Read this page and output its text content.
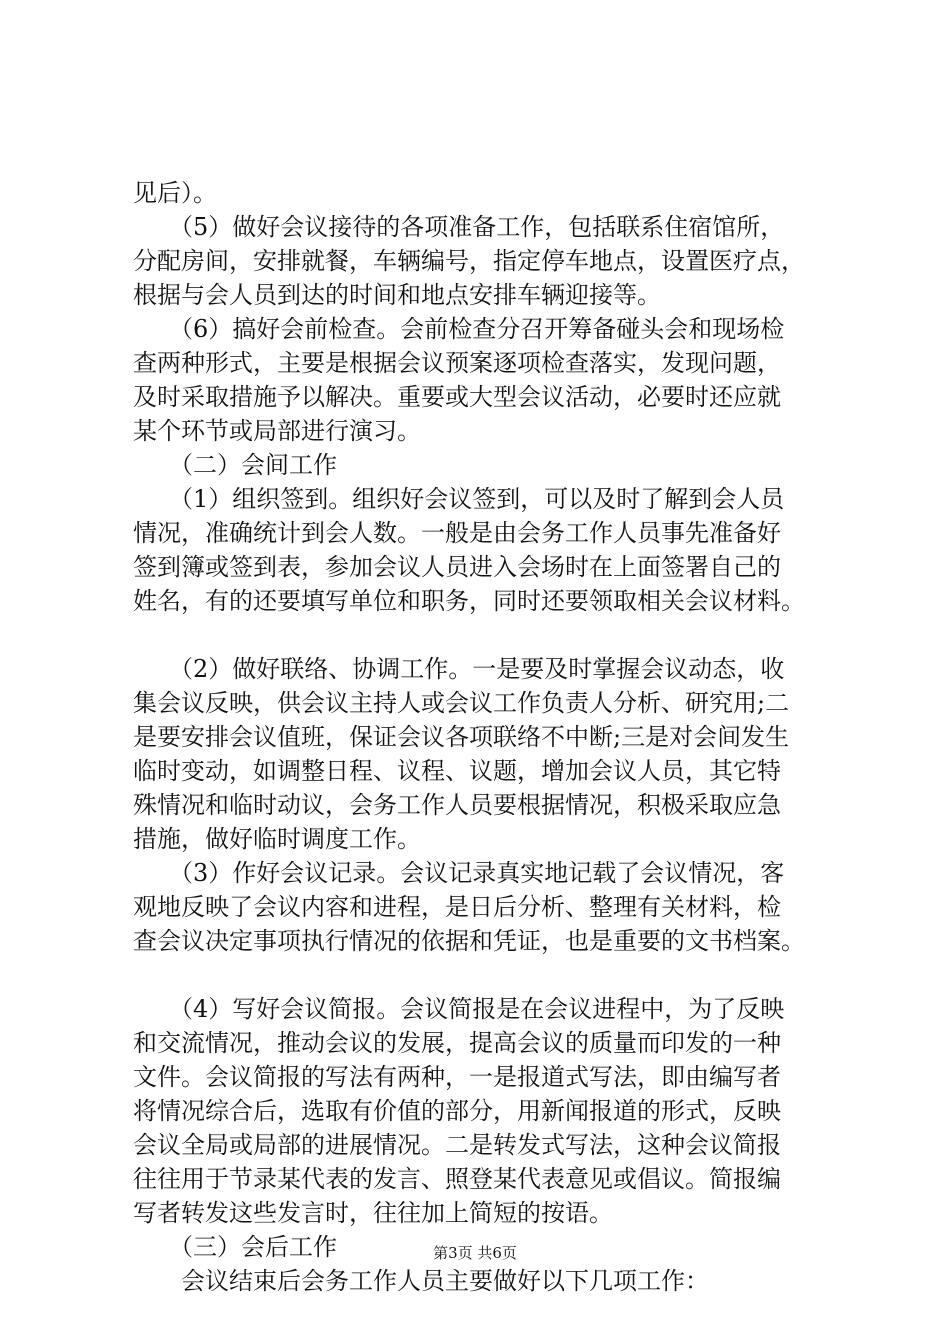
见后）。
　　（5）做好会议接待的各项准备工作，包括联系住宿馆所，
分配房间，安排就餐，车辆编号，指定停车地点，设置医疗点，
根据与会人员到达的时间和地点安排车辆迎接等。
　　（6）搞好会前检查。会前检查分召开筹备碰头会和现场检
查两种形式，主要是根据会议预案逐项检查落实，发现问题，
及时采取措施予以解决。重要或大型会议活动，必要时还应就
某个环节或局部进行演习。
　　（二）会间工作
　　（1）组织签到。组织好会议签到，可以及时了解到会人员
情况，准确统计到会人数。一般是由会务工作人员事先准备好
签到簿或签到表，参加会议人员进入会场时在上面签署自己的
姓名，有的还要填写单位和职务，同时还要领取相关会议材料。
　　（2）做好联络、协调工作。一是要及时掌握会议动态，收
集会议反映，供会议主持人或会议工作负责人分析、研究用;二
是要安排会议值班，保证会议各项联络不中断;三是对会间发生
临时变动，如调整日程、议程、议题，增加会议人员，其它特
殊情况和临时动议，会务工作人员要根据情况，积极采取应急
措施，做好临时调度工作。
　　（3）作好会议记录。会议记录真实地记载了会议情况，客
观地反映了会议内容和进程，是日后分析、整理有关材料，检
查会议决定事项执行情况的依据和凭证，也是重要的文书档案。
　　（4）写好会议简报。会议简报是在会议进程中，为了反映
和交流情况，推动会议的发展，提高会议的质量而印发的一种
文件。会议简报的写法有两种，一是报道式写法，即由编写者
将情况综合后，选取有价值的部分，用新闻报道的形式，反映
会议全局或局部的进展情况。二是转发式写法，这种会议简报
往往用于节录某代表的发言、照登某代表意见或倡议。简报编
写者转发这些发言时，往往加上简短的按语。
　　（三）会后工作
　　会议结束后会务工作人员主要做好以下几项工作：
第3页 共6页
